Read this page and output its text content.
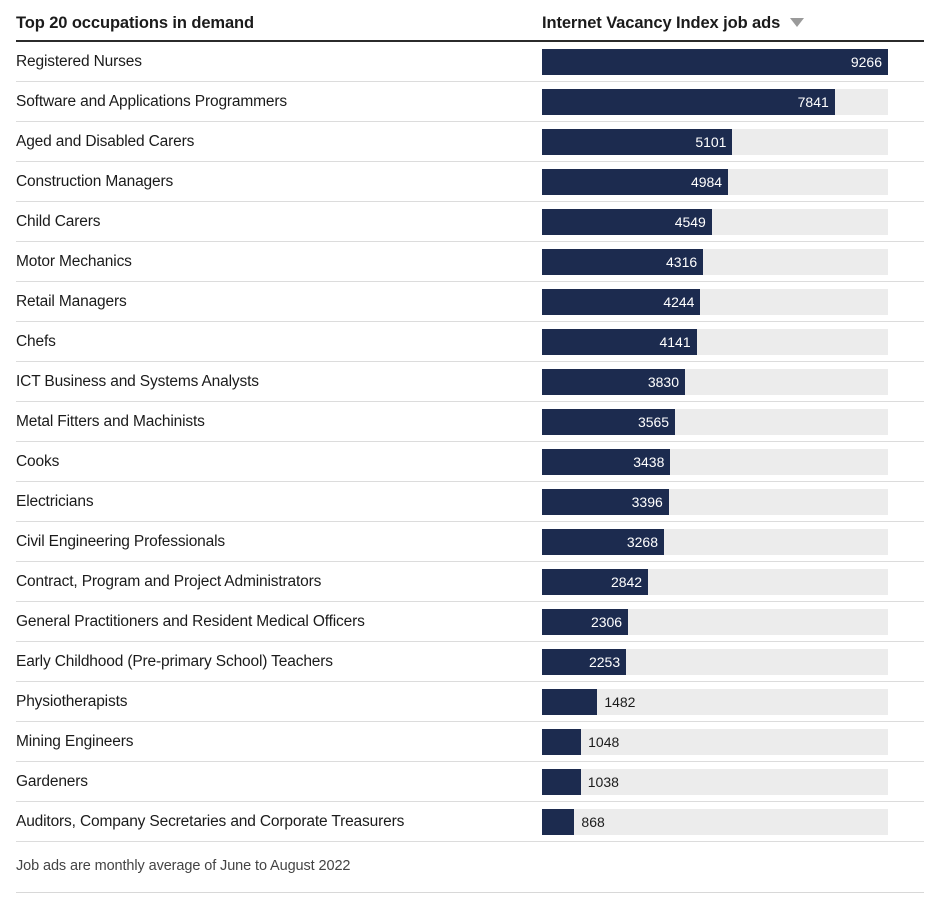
Top 20 occupations in demand	Internet Vacancy Index job ads
Registered Nurses	9266
Software and Applications Programmers	7841
Aged and Disabled Carers	5101
Construction Managers	4984
Child Carers	4549
Motor Mechanics	4316
Retail Managers	4244
Chefs	4141
ICT Business and Systems Analysts	3830
Metal Fitters and Machinists	3565
Cooks	3438
Electricians	3396
Civil Engineering Professionals	3268
Contract, Program and Project Administrators	2842
General Practitioners and Resident Medical Officers	2306
Early Childhood (Pre-primary School) Teachers	2253
Physiotherapists	1482
Mining Engineers	1048
Gardeners	1038
Auditors, Company Secretaries and Corporate Treasurers	868
Job ads are monthly average of June to August 2022
